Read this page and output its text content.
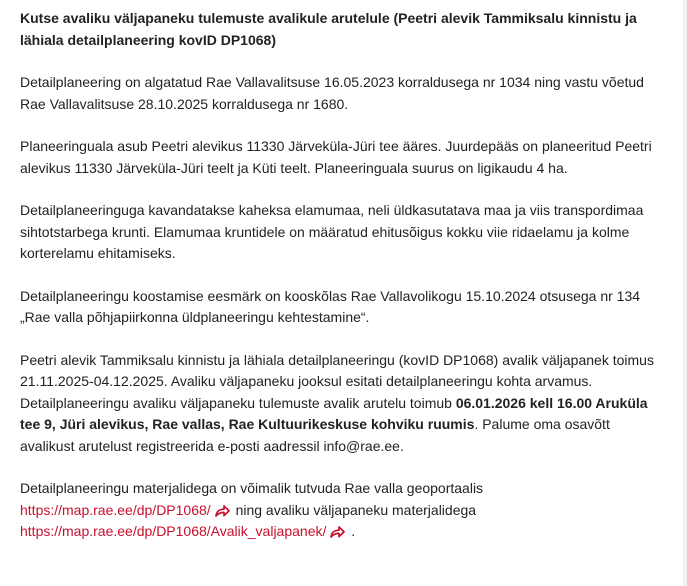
Kutse avaliku väljapaneku tulemuste avalikule arutelule (Peetri alevik Tammiksalu kinnistu ja lähiala detailplaneering kovID DP1068)

Detailplaneering on algatatud Rae Vallavalitsuse 16.05.2023 korraldusega nr 1034 ning vastu võetud Rae Vallavalitsuse 28.10.2025 korraldusega nr 1680.

Planeeringuala asub Peetri alevikus 11330 Järveküla-Jüri tee ääres. Juurdepääs on planeeritud Peetri alevikus 11330 Järveküla-Jüri teelt ja Küti teelt. Planeeringuala suurus on ligikaudu 4 ha.

Detailplaneeringuga kavandatakse kaheksa elamumaa, neli üldkasutatava maa ja viis transpordimaa sihtotstarbega krunti. Elamumaa kruntidele on määratud ehitusõigus kokku viie ridaelamu ja kolme korterelamu ehitamiseks.

Detailplaneeringu koostamise eesmärk on kooskõlas Rae Vallavolikogu 15.10.2024 otsusega nr 134 „Rae valla põhjapiirkonna üldplaneeringu kehtestamine“.

Peetri alevik Tammiksalu kinnistu ja lähiala detailplaneeringu (kovID DP1068) avalik väljapanek toimus 21.11.2025-04.12.2025. Avaliku väljapaneku jooksul esitati detailplaneeringu kohta arvamus. Detailplaneeringu avaliku väljapaneku tulemuste avalik arutelu toimub 06.01.2026 kell 16.00 Aruküla tee 9, Jüri alevikus, Rae vallas, Rae Kultuurikeskuse kohviku ruumis. Palume oma osavõtt avalikust arutelust registreerida e-posti aadressil info@rae.ee.

Detailplaneeringu materjalidega on võimalik tutvuda Rae valla geoportaalis
https://map.rae.ee/dp/DP1068/
ning avaliku väljapaneku materjalidega
https://map.rae.ee/dp/DP1068/Avalik_valjapanek/
.
